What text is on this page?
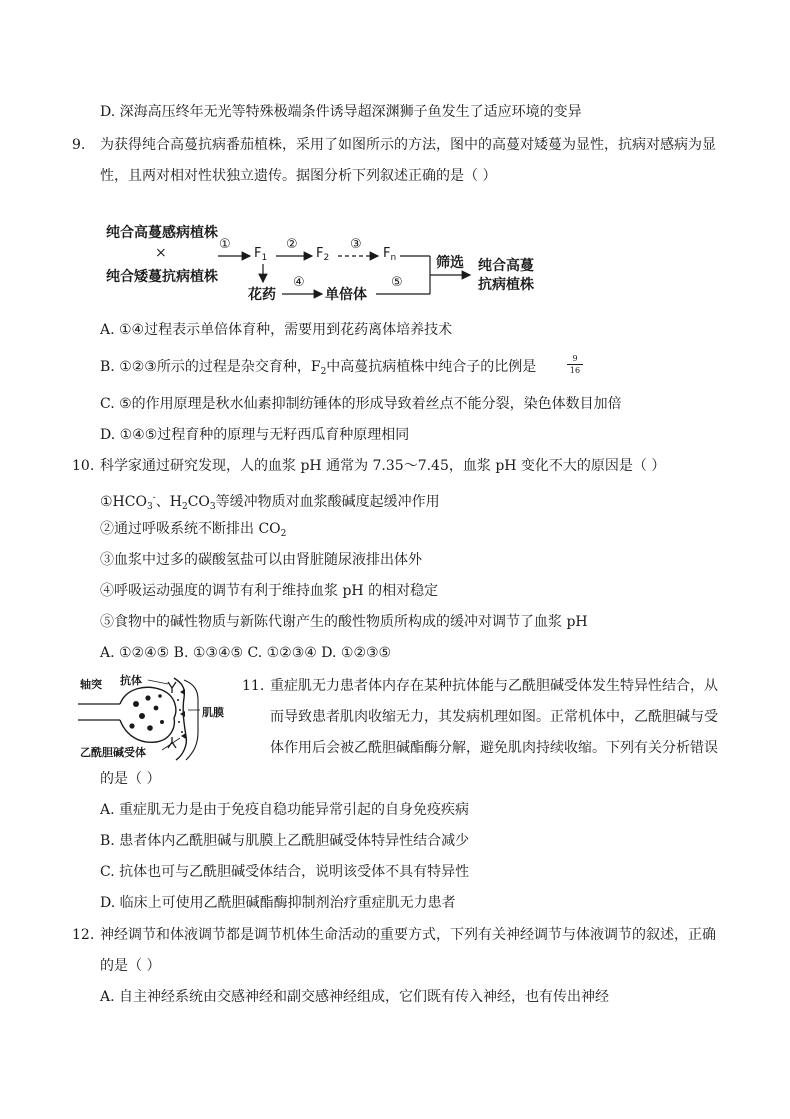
D. 深海高压终年无光等特殊极端条件诱导超深渊狮子鱼发生了适应环境的变异
9. 为获得纯合高蔓抗病番茄植株，采用了如图所示的方法，图中的高蔓对矮蔓为显性，抗病对感病为显
性，且两对相对性状独立遗传。据图分析下列叙述正确的是（ ）
纯合高蔓感病植株
×
纯合矮蔓抗病植株
①
$F_1$
②
$F_2$
③
$F_n$
花药
④
单倍体
⑤
筛选 纯合高蔓
抗病植株
A. ①④过程表示单倍体育种，需要用到花药离体培养技术
B. ①②③所示的过程是杂交育种，$F_2$中高蔓抗病植株中纯合子的比例是
9
16
C. ⑤的作用原理是秋水仙素抑制纺锤体的形成导致着丝点不能分裂，染色体数目加倍
D. ①④⑤过程育种的原理与无籽西瓜育种原理相同
10. 科学家通过研究发现，人的血浆 pH 通常为 7.35～7.45，血浆 pH 变化不大的原因是（ ）
$①HCO_3^-$、$H_2CO_3$等缓冲物质对血浆酸碱度起缓冲作用
②通过呼吸系统不断排出 $CO_2$
③血浆中过多的碳酸氢盐可以由肾脏随尿液排出体外
④呼吸运动强度的调节有利于维持血浆 pH 的相对稳定
⑤食物中的碱性物质与新陈代谢产生的酸性物质所构成的缓冲对调节了血浆 pH
A. ①②④⑤ B. ①③④⑤ C. ①②③④ D. ①②③⑤
轴突 抗体
肌膜
乙酰胆碱受体
11. 重症肌无力患者体内存在某种抗体能与乙酰胆碱受体发生特异性结合，从
而导致患者肌肉收缩无力，其发病机理如图。正常机体中，乙酰胆碱与受
体作用后会被乙酰胆碱酯酶分解，避免肌肉持续收缩。下列有关分析错误
的是（ ）
A. 重症肌无力是由于免疫自稳功能异常引起的自身免疫疾病
B. 患者体内乙酰胆碱与肌膜上乙酰胆碱受体特异性结合减少
C. 抗体也可与乙酰胆碱受体结合，说明该受体不具有特异性
D. 临床上可使用乙酰胆碱酯酶抑制剂治疗重症肌无力患者
12. 神经调节和体液调节都是调节机体生命活动的重要方式，下列有关神经调节与体液调节的叙述，正确
的是（ ）
A. 自主神经系统由交感神经和副交感神经组成，它们既有传入神经，也有传出神经
